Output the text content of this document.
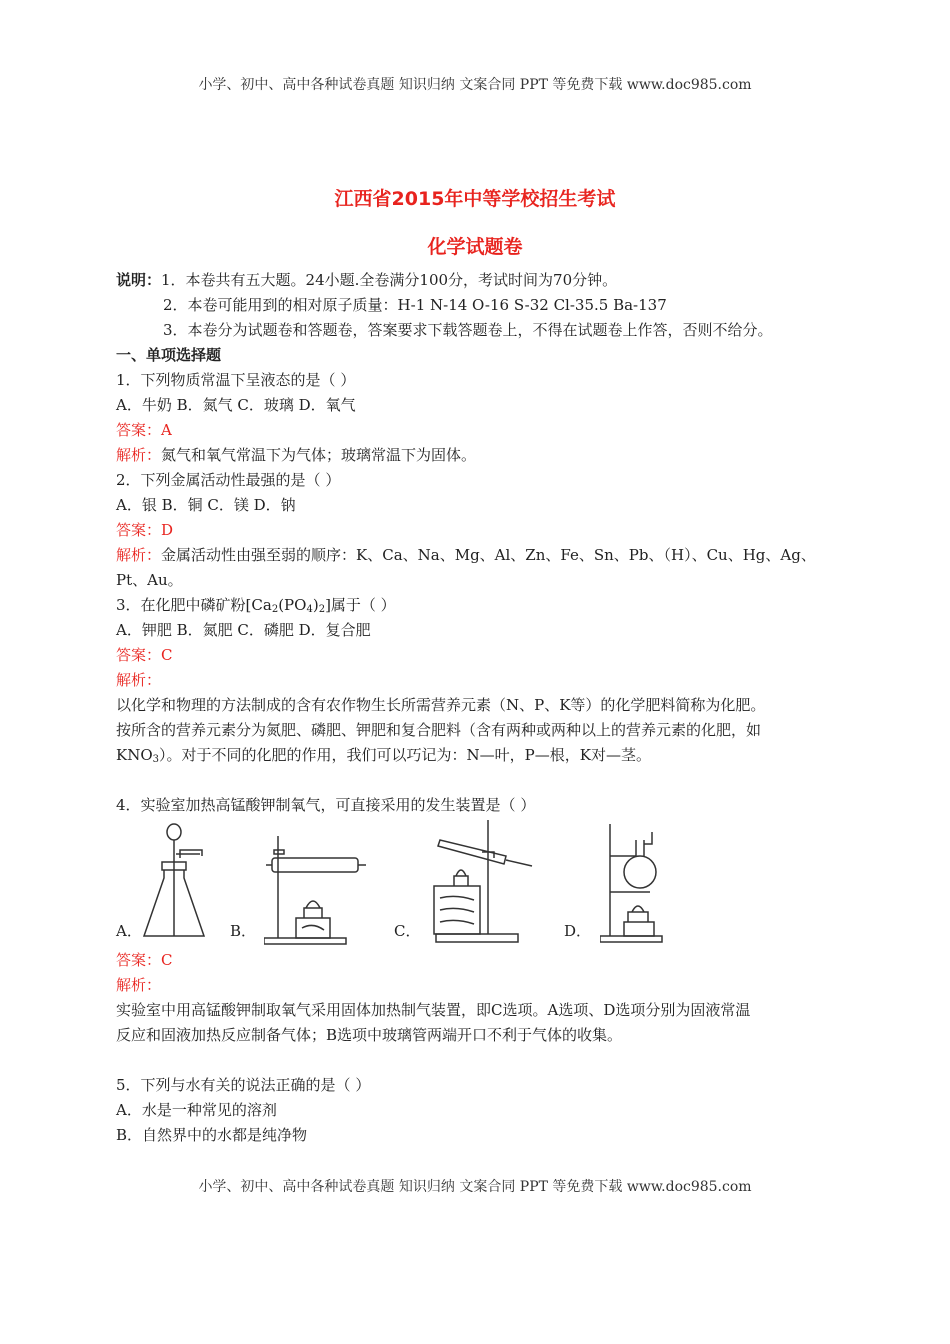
小学、初中、高中各种试卷真题 知识归纳 文案合同 PPT 等免费下载 www.doc985.com
江西省2015年中等学校招生考试
化学试题卷
说明：1．本卷共有五大题。24小题.全卷满分100分，考试时间为70分钟。
2．本卷可能用到的相对原子质量：H-1 N-14 O-16 S-32 Cl-35.5 Ba-137
3．本卷分为试题卷和答题卷，答案要求下载答题卷上，不得在试题卷上作答，否则不给分。
一、单项选择题
1．下列物质常温下呈液态的是（ ）
A．牛奶 B．氮气 C．玻璃 D．氧气
答案：A
解析：氮气和氧气常温下为气体；玻璃常温下为固体。
2．下列金属活动性最强的是（ ）
A．银 B．铜 C．镁 D．钠
答案：D
解析：金属活动性由强至弱的顺序：K、Ca、Na、Mg、Al、Zn、Fe、Sn、Pb、（H）、Cu、Hg、Ag、
Pt、Au。
3．在化肥中磷矿粉$[Ca_2(PO_4)_2]$属于（ ）
A．钾肥 B．氮肥 C．磷肥 D．复合肥
答案：C
解析：
以化学和物理的方法制成的含有农作物生长所需营养元素（N、P、K等）的化学肥料简称为化肥。
按所含的营养元素分为氮肥、磷肥、钾肥和复合肥料（含有两种或两种以上的营养元素的化肥，如
$KNO_3$）。对于不同的化肥的作用，我们可以巧记为：N—叶，P—根，K对—茎。
4．实验室加热高锰酸钾制氧气，可直接采用的发生装置是（ ）
A．	B．	C．	D．
答案：C
解析：
实验室中用高锰酸钾制取氧气采用固体加热制气装置，即C选项。A选项、D选项分别为固液常温
反应和固液加热反应制备气体；B选项中玻璃管两端开口不利于气体的收集。
5．下列与水有关的说法正确的是（ ）
A．水是一种常见的溶剂
B．自然界中的水都是纯净物
小学、初中、高中各种试卷真题 知识归纳 文案合同 PPT 等免费下载 www.doc985.com
